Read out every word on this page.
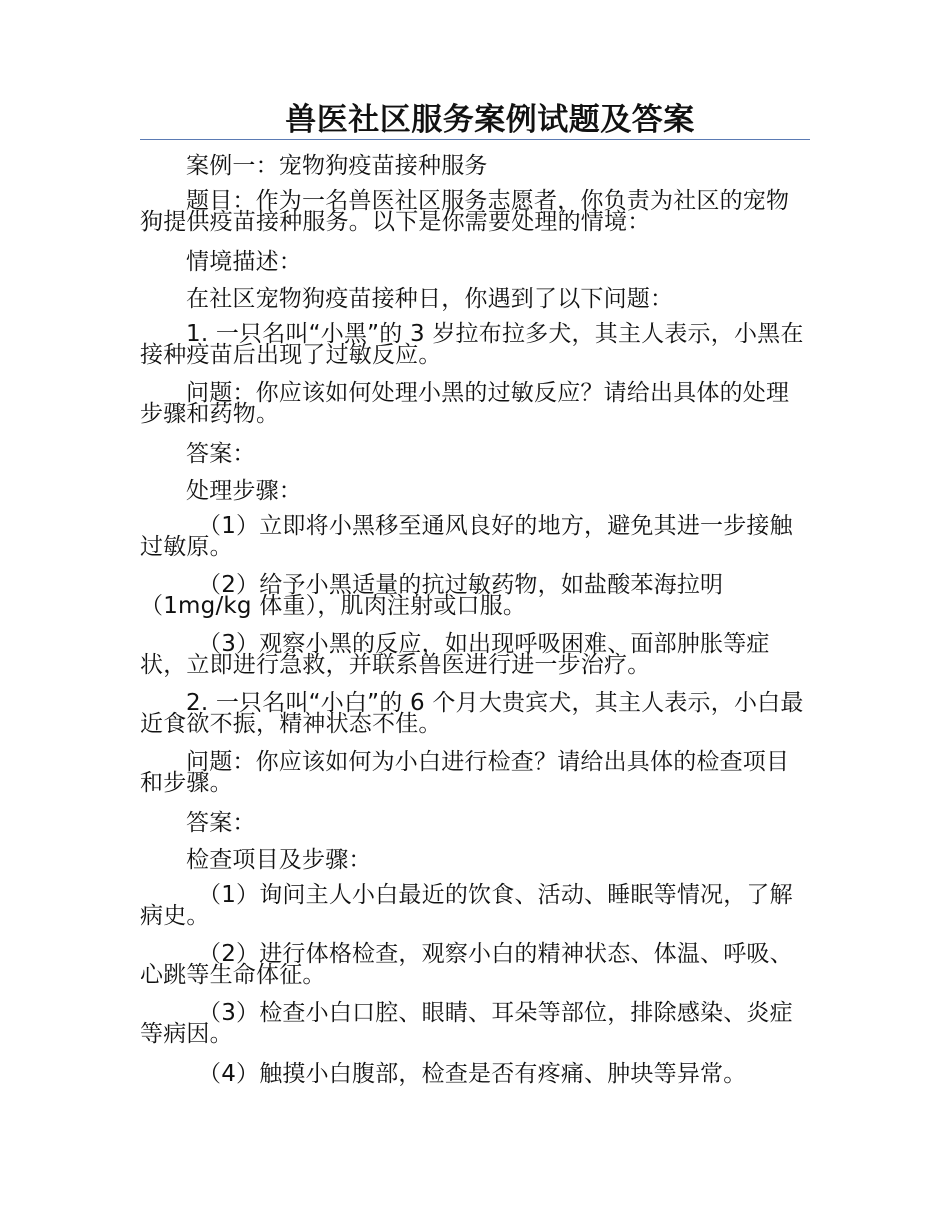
兽医社区服务案例试题及答案

案例一：宠物狗疫苗接种服务

题目：作为一名兽医社区服务志愿者，你负责为社区的宠物狗提供疫苗接种服务。以下是你需要处理的情境：

情境描述：

在社区宠物狗疫苗接种日，你遇到了以下问题：

1. 一只名叫“小黑”的 3 岁拉布拉多犬，其主人表示，小黑在接种疫苗后出现了过敏反应。

问题：你应该如何处理小黑的过敏反应？请给出具体的处理步骤和药物。

答案：

处理步骤：

（1）立即将小黑移至通风良好的地方，避免其进一步接触过敏原。

（2）给予小黑适量的抗过敏药物，如盐酸苯海拉明（1mg/kg 体重），肌肉注射或口服。

（3）观察小黑的反应，如出现呼吸困难、面部肿胀等症状，立即进行急救，并联系兽医进行进一步治疗。

2. 一只名叫“小白”的 6 个月大贵宾犬，其主人表示，小白最近食欲不振，精神状态不佳。

问题：你应该如何为小白进行检查？请给出具体的检查项目和步骤。

答案：

检查项目及步骤：

（1）询问主人小白最近的饮食、活动、睡眠等情况，了解病史。

（2）进行体格检查，观察小白的精神状态、体温、呼吸、心跳等生命体征。

（3）检查小白口腔、眼睛、耳朵等部位，排除感染、炎症等病因。

（4）触摸小白腹部，检查是否有疼痛、肿块等异常。
